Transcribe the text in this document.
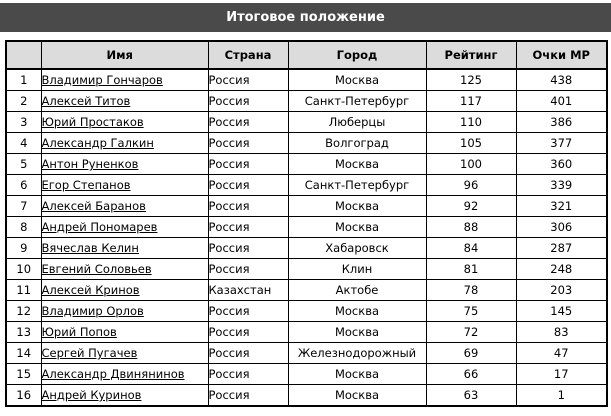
Итоговое положение
	Имя	Страна	Город	Рейтинг	Очки МР
1	Владимир Гончаров	Россия	Москва	125	438
2	Алексей Титов	Россия	Санкт-Петербург	117	401
3	Юрий Простаков	Россия	Люберцы	110	386
4	Александр Галкин	Россия	Волгоград	105	377
5	Антон Руненков	Россия	Москва	100	360
6	Егор Степанов	Россия	Санкт-Петербург	96	339
7	Алексей Баранов	Россия	Москва	92	321
8	Андрей Пономарев	Россия	Москва	88	306
9	Вячеслав Келин	Россия	Хабаровск	84	287
10	Евгений Соловьев	Россия	Клин	81	248
11	Алексей Кринов	Казахстан	Актобе	78	203
12	Владимир Орлов	Россия	Москва	75	145
13	Юрий Попов	Россия	Москва	72	83
14	Сергей Пугачев	Россия	Железнодорожный	69	47
15	Александр Двинянинов	Россия	Москва	66	17
16	Андрей Куринов	Россия	Москва	63	1
